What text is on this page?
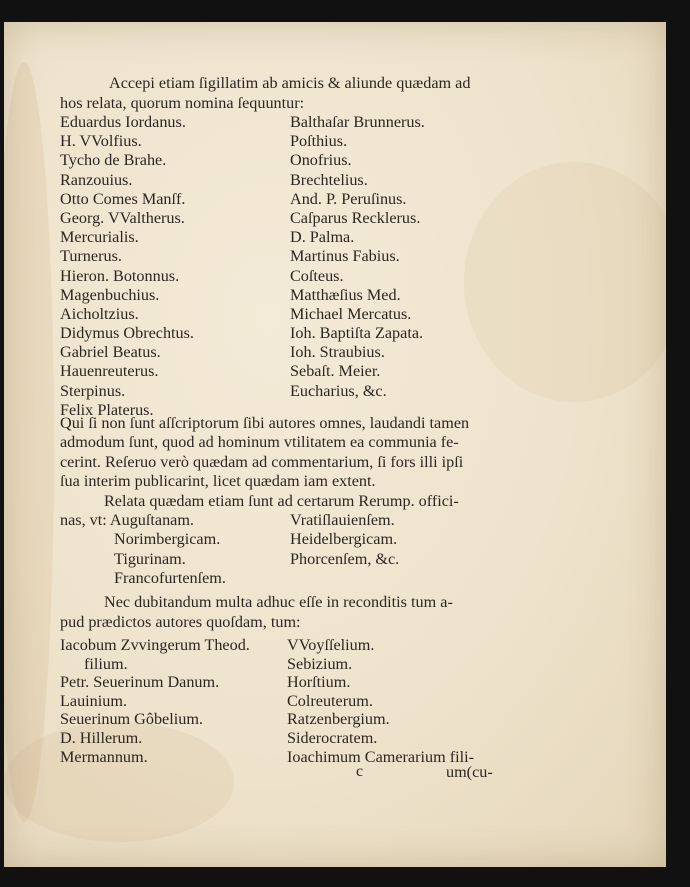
Accepi etiam ſigillatim ab amicis & aliunde quædam ad
hos relata, quorum nomina ſequuntur:
Eduardus Iordanus.
H. VVolfius.
Tycho de Brahe.
Ranzouius.
Otto Comes Manſf.
Georg. VValtherus.
Mercurialis.
Turnerus.
Hieron. Botonnus.
Magenbuchius.
Aicholtzius.
Didymus Obrechtus.
Gabriel Beatus.
Hauenreuterus.
Sterpinus.
Felix Platerus.
Balthaſar Brunnerus.
Poſthius.
Onofrius.
Brechtelius.
And. P. Peruſinus.
Caſparus Recklerus.
D. Palma.
Martinus Fabius.
Coſteus.
Matthæſius Med.
Michael Mercatus.
Ioh. Baptiſta Zapata.
Ioh. Straubius.
Sebaſt. Meier.
Eucharius, &c.
Qui ſi non ſunt aſſcriptorum ſibi autores omnes, laudandi tamen
admodum ſunt, quod ad hominum vtilitatem ea communia fe-
cerint. Reſeruo verò quædam ad commentarium, ſi fors illi ipſi
ſua interim publicarint, licet quædam iam extent.
Relata quædam etiam ſunt ad certarum Rerump. offici-
nas, vt: Auguſtanam.
Norimbergicam.
Tigurinam.
Francofurtenſem.
Vratiſlauienſem.
Heidelbergicam.
Phorcenſem, &c.
Nec dubitandum multa adhuc eſſe in reconditis tum a-
pud prædictos autores quoſdam, tum:
Iacobum Zvvingerum Theod.
filium.
Petr. Seuerinum Danum.
Lauinium.
Seuerinum Gôbelium.
D. Hillerum.
Mermannum.
VVoyſſelium.
Sebizium.
Horſtium.
Colreuterum.
Ratzenbergium.
Siderocratem.
Ioachimum Camerarium fili-
c	um(cu-
